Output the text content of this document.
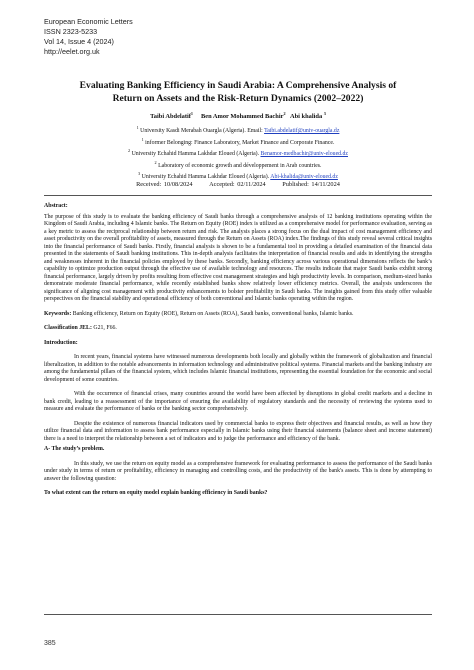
European Economic Letters
ISSN 2323-5233
Vol 14, Issue 4 (2024)
http://eelet.org.uk
Evaluating Banking Efficiency in Saudi Arabia: A Comprehensive Analysis of
Return on Assets and the Risk-Return Dynamics (2002–2022)
Taibi Abdelatif$^1$ Ben Amor Mohammed Bachir$^2$ Abi khalida $^3$
$^1$ University Kasdi Merabah Ouargla (Algeria). Email: Taibi.abdelatif@univ-ouargla.dz
$^1$ informer Belonging: Finance Laboratory, Market Finance and Corporate Finance.
$^2$ University Echahid Hamma Lakhdar Eloued (Algeria). Benamor-medbachir@univ-eloued.dz
$^2$ Laboratory of economic growth and développement in Arab countries.
$^3$ University Echahid Hamma Lakhdar Eloued (Algeria). Abi-khalida@univ-eloued.dz
Received: 10/08/2024	Accepted: 02/11/2024	Published: 14/11/2024
Abstract:
The purpose of this study is to evaluate the banking efficiency of Saudi banks through a comprehensive analysis of 12 banking institutions operating within the Kingdom of Saudi Arabia, including 4 Islamic banks. The Return on Equity (ROE) index is utilized as a comprehensive model for performance evaluation, serving as a key metric to assess the reciprocal relationship between return and risk. The analysis places a strong focus on the dual impact of cost management efficiency and asset productivity on the overall profitability of assets, measured through the Return on Assets (ROA) index.The findings of this study reveal several critical insights into the financial performance of Saudi banks. Firstly, financial analysis is shown to be a fundamental tool in providing a detailed examination of the financial data presented in the statements of Saudi banking institutions. This in-depth analysis facilitates the interpretation of financial results and aids in identifying the strengths and weaknesses inherent in the financial policies employed by these banks. Secondly, banking efficiency across various operational dimensions reflects the bank’s capability to optimize production output through the effective use of available technology and resources. The results indicate that major Saudi banks exhibit strong financial performance, largely driven by profits resulting from effective cost management strategies and high productivity levels. In comparison, medium-sized banks demonstrate moderate financial performance, while recently established banks show relatively lower efficiency metrics. Overall, the analysis underscores the significance of aligning cost management with productivity enhancements to bolster profitability in Saudi banks. The insights gained from this study offer valuable perspectives on the financial stability and operational efficiency of both conventional and Islamic banks operating within the region.
Keywords: Banking efficiency, Return on Equity (ROE), Return on Assets (ROA), Saudi banks, conventional banks, Islamic banks.
Classification JEL: G21, F66.
Introduction:
In recent years, financial systems have witnessed numerous developments both locally and globally within the framework of globalization and financial liberalization, in addition to the notable advancements in information technology and administrative political systems. Financial markets and the banking industry are among the fundamental pillars of the financial system, which includes Islamic financial institutions, representing the essential foundation for the economic and social development of some countries.
With the occurrence of financial crises, many countries around the world have been affected by disruptions in global credit markets and a decline in bank credit, leading to a reassessment of the importance of ensuring the availability of regulatory standards and the necessity of reviewing the systems used to measure and evaluate the performance of banks or the banking sector comprehensively.
Despite the existence of numerous financial indicators used by commercial banks to express their objectives and financial results, as well as how they utilize financial data and information to assess bank performance especially in Islamic banks using their financial statements (balance sheet and income statement) there is a need to interpret the relationship between a set of indicators and to judge the performance and efficiency of the bank.
A- The study’s problem.
In this study, we use the return on equity model as a comprehensive framework for evaluating performance to assess the performance of the Saudi banks under study in terms of return or profitability, efficiency in managing and controlling costs, and the productivity of the bank's assets. This is done by attempting to answer the following question:
To what extent can the return on equity model explain banking efficiency in Saudi banks?
385
